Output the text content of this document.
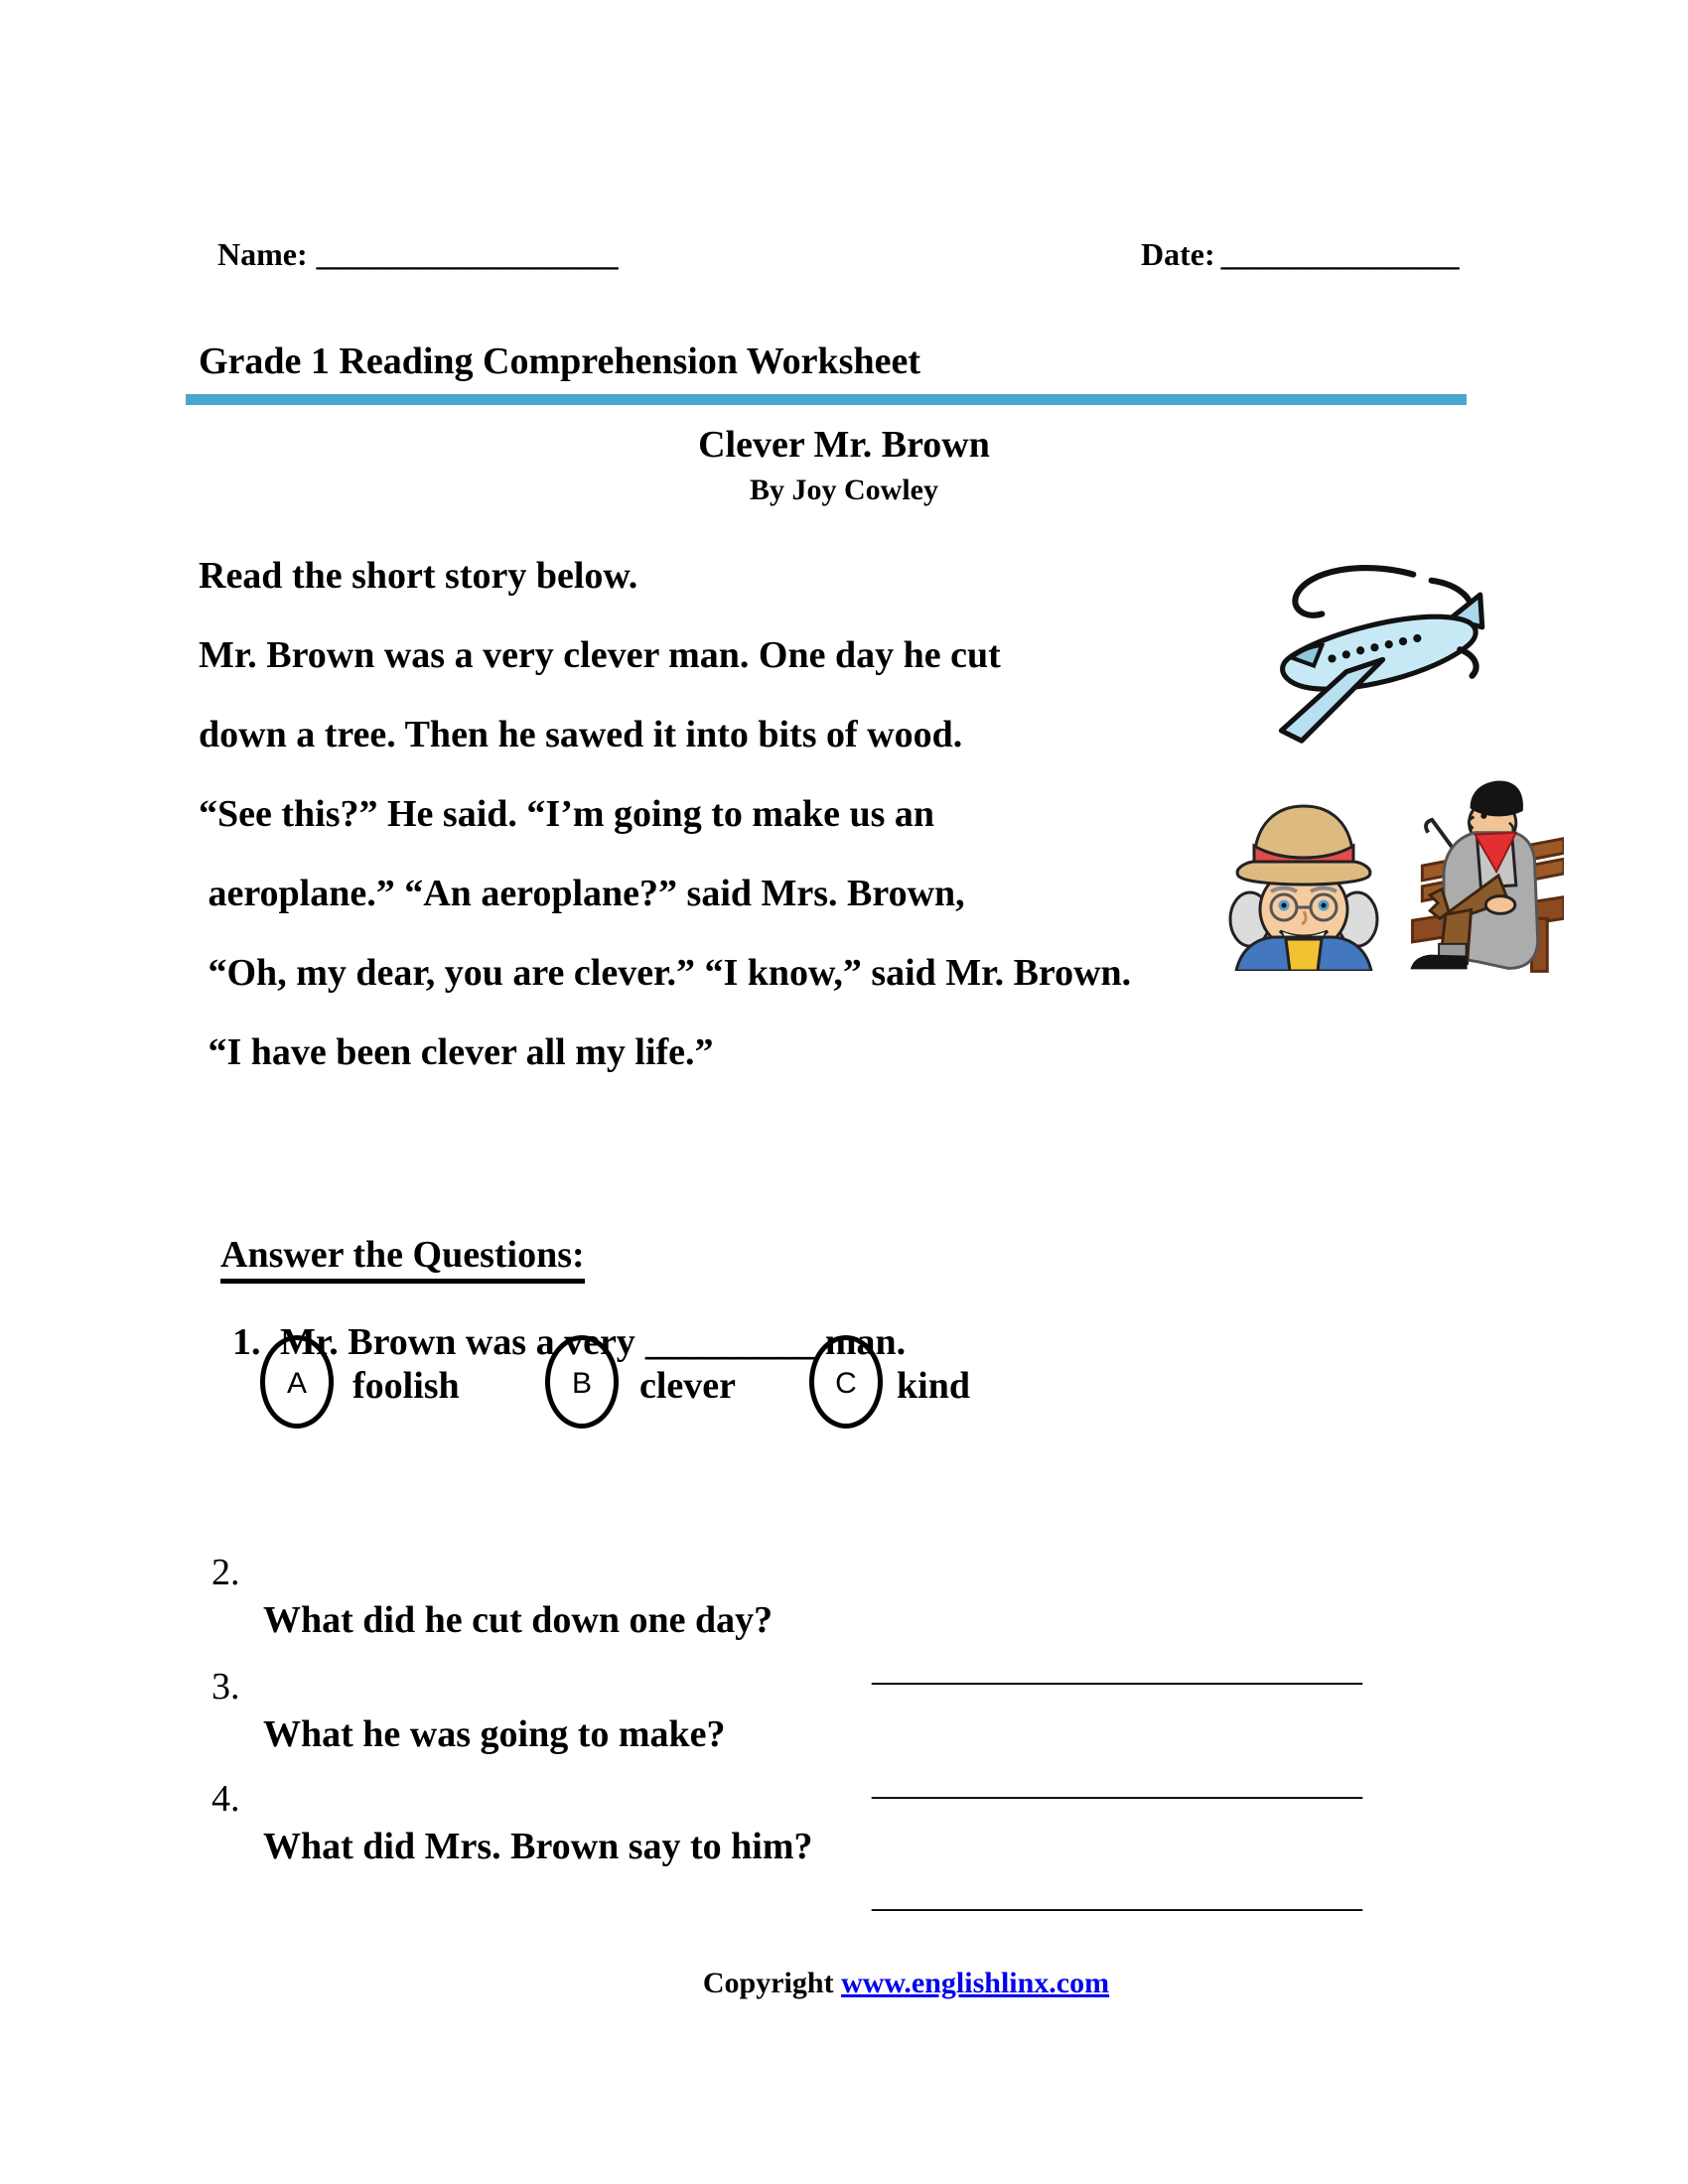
Name: ___________________	Date: _______________

Grade 1 Reading Comprehension Worksheet
Clever Mr. Brown
By Joy Cowley
Read the short story below.
Mr. Brown was a very clever man. One day he cut
down a tree. Then he sawed it into bits of wood.
“See this?” He said. “I’m going to make us an
aeroplane.” “An aeroplane?” said Mrs. Brown,
“Oh, my dear, you are clever.” “I know,” said Mr. Brown.
“I have been clever all my life.”

Answer the Questions:

1. Mr. Brown was a very _________ man.

A foolish	B clever	C kind

2.

What did he cut down one day?

__________________________

3.

What he was going to make?

__________________________

4.

What did Mrs. Brown say to him?

__________________________

Copyright www.englishlinx.com
